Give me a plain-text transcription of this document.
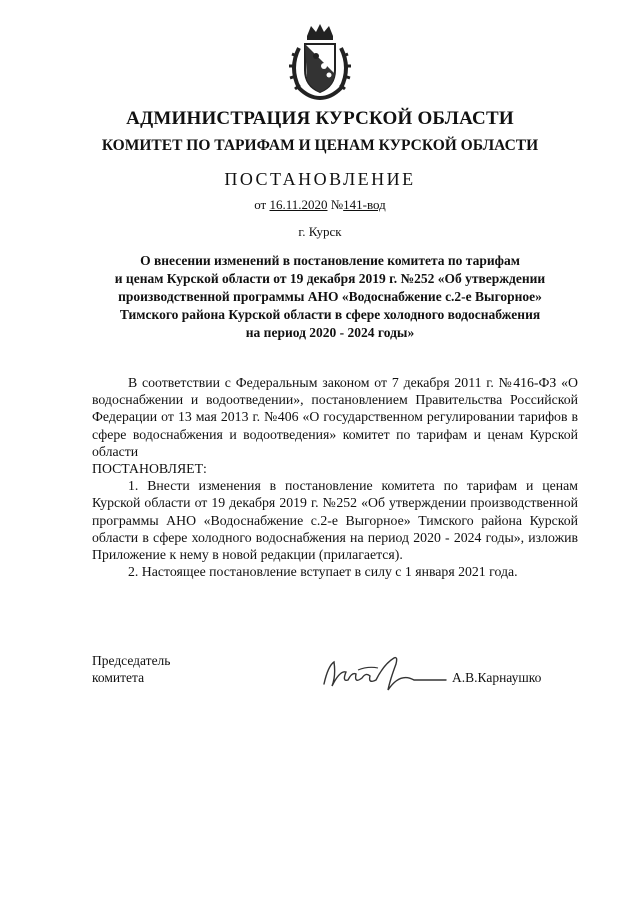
АДМИНИСТРАЦИЯ КУРСКОЙ ОБЛАСТИ
КОМИТЕТ ПО ТАРИФАМ И ЦЕНАМ КУРСКОЙ ОБЛАСТИ
ПОСТАНОВЛЕНИЕ
от 16.11.2020 №141-вод
г. Курск
О внесении изменений в постановление комитета по тарифам
и ценам Курской области от 19 декабря 2019 г. №252 «Об утверждении
производственной программы АНО «Водоснабжение с.2-е Выгорное»
Тимского района Курской области в сфере холодного водоснабжения
на период 2020 - 2024 годы»

В соответствии с Федеральным законом от 7 декабря 2011 г. №416-ФЗ «О водоснабжении и водоотведении», постановлением Правительства Российской Федерации от 13 мая 2013 г. №406 «О государственном регулировании тарифов в сфере водоснабжения и водоотведения» комитет по тарифам и ценам Курской области

ПОСТАНОВЛЯЕТ:

1. Внести изменения в постановление комитета по тарифам и ценам Курской области от 19 декабря 2019 г. №252 «Об утверждении производственной программы АНО «Водоснабжение с.2-е Выгорное» Тимского района Курской области в сфере холодного водоснабжения на период 2020 - 2024 годы», изложив Приложение к нему в новой редакции (прилагается).

2. Настоящее постановление вступает в силу с 1 января 2021 года.

Председатель
комитета	А.В.Карнаушко
